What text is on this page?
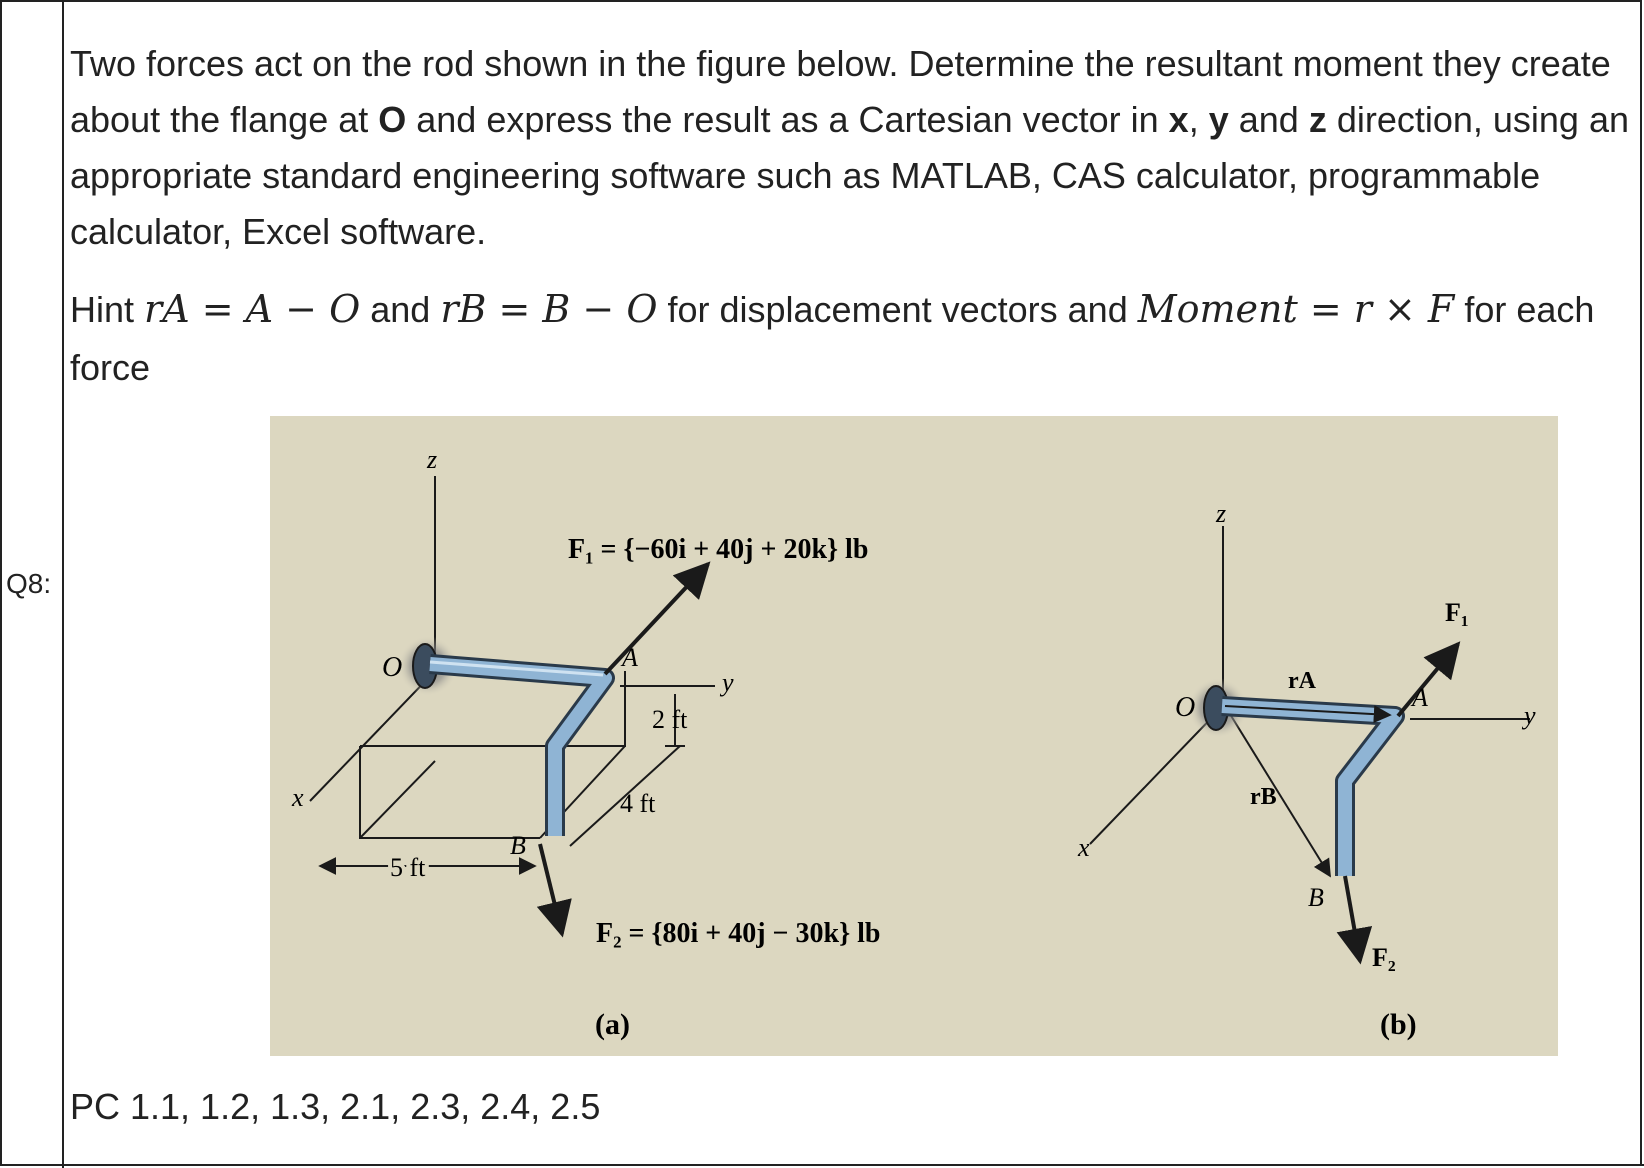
Q8:

Two forces act on the rod shown in the figure below. Determine the resultant moment they create about the flange at O and express the result as a Cartesian vector in x, y and z direction, using an appropriate standard engineering software such as MATLAB, CAS calculator, programmable calculator, Excel software.

Hint rA = A − O and rB = B − O for displacement vectors and Moment = r × F for each force

z
x
y
O	A
B
2 ft
4 ft
5 ft
F₁ = {−60i + 40j + 20k} lb
F₂ = {80i + 40j − 30k} lb
(a)
z
x
y
O	A
B
rA
rB
F₁
F₂
(b)
PC 1.1, 1.2, 1.3, 2.1, 2.3, 2.4, 2.5
